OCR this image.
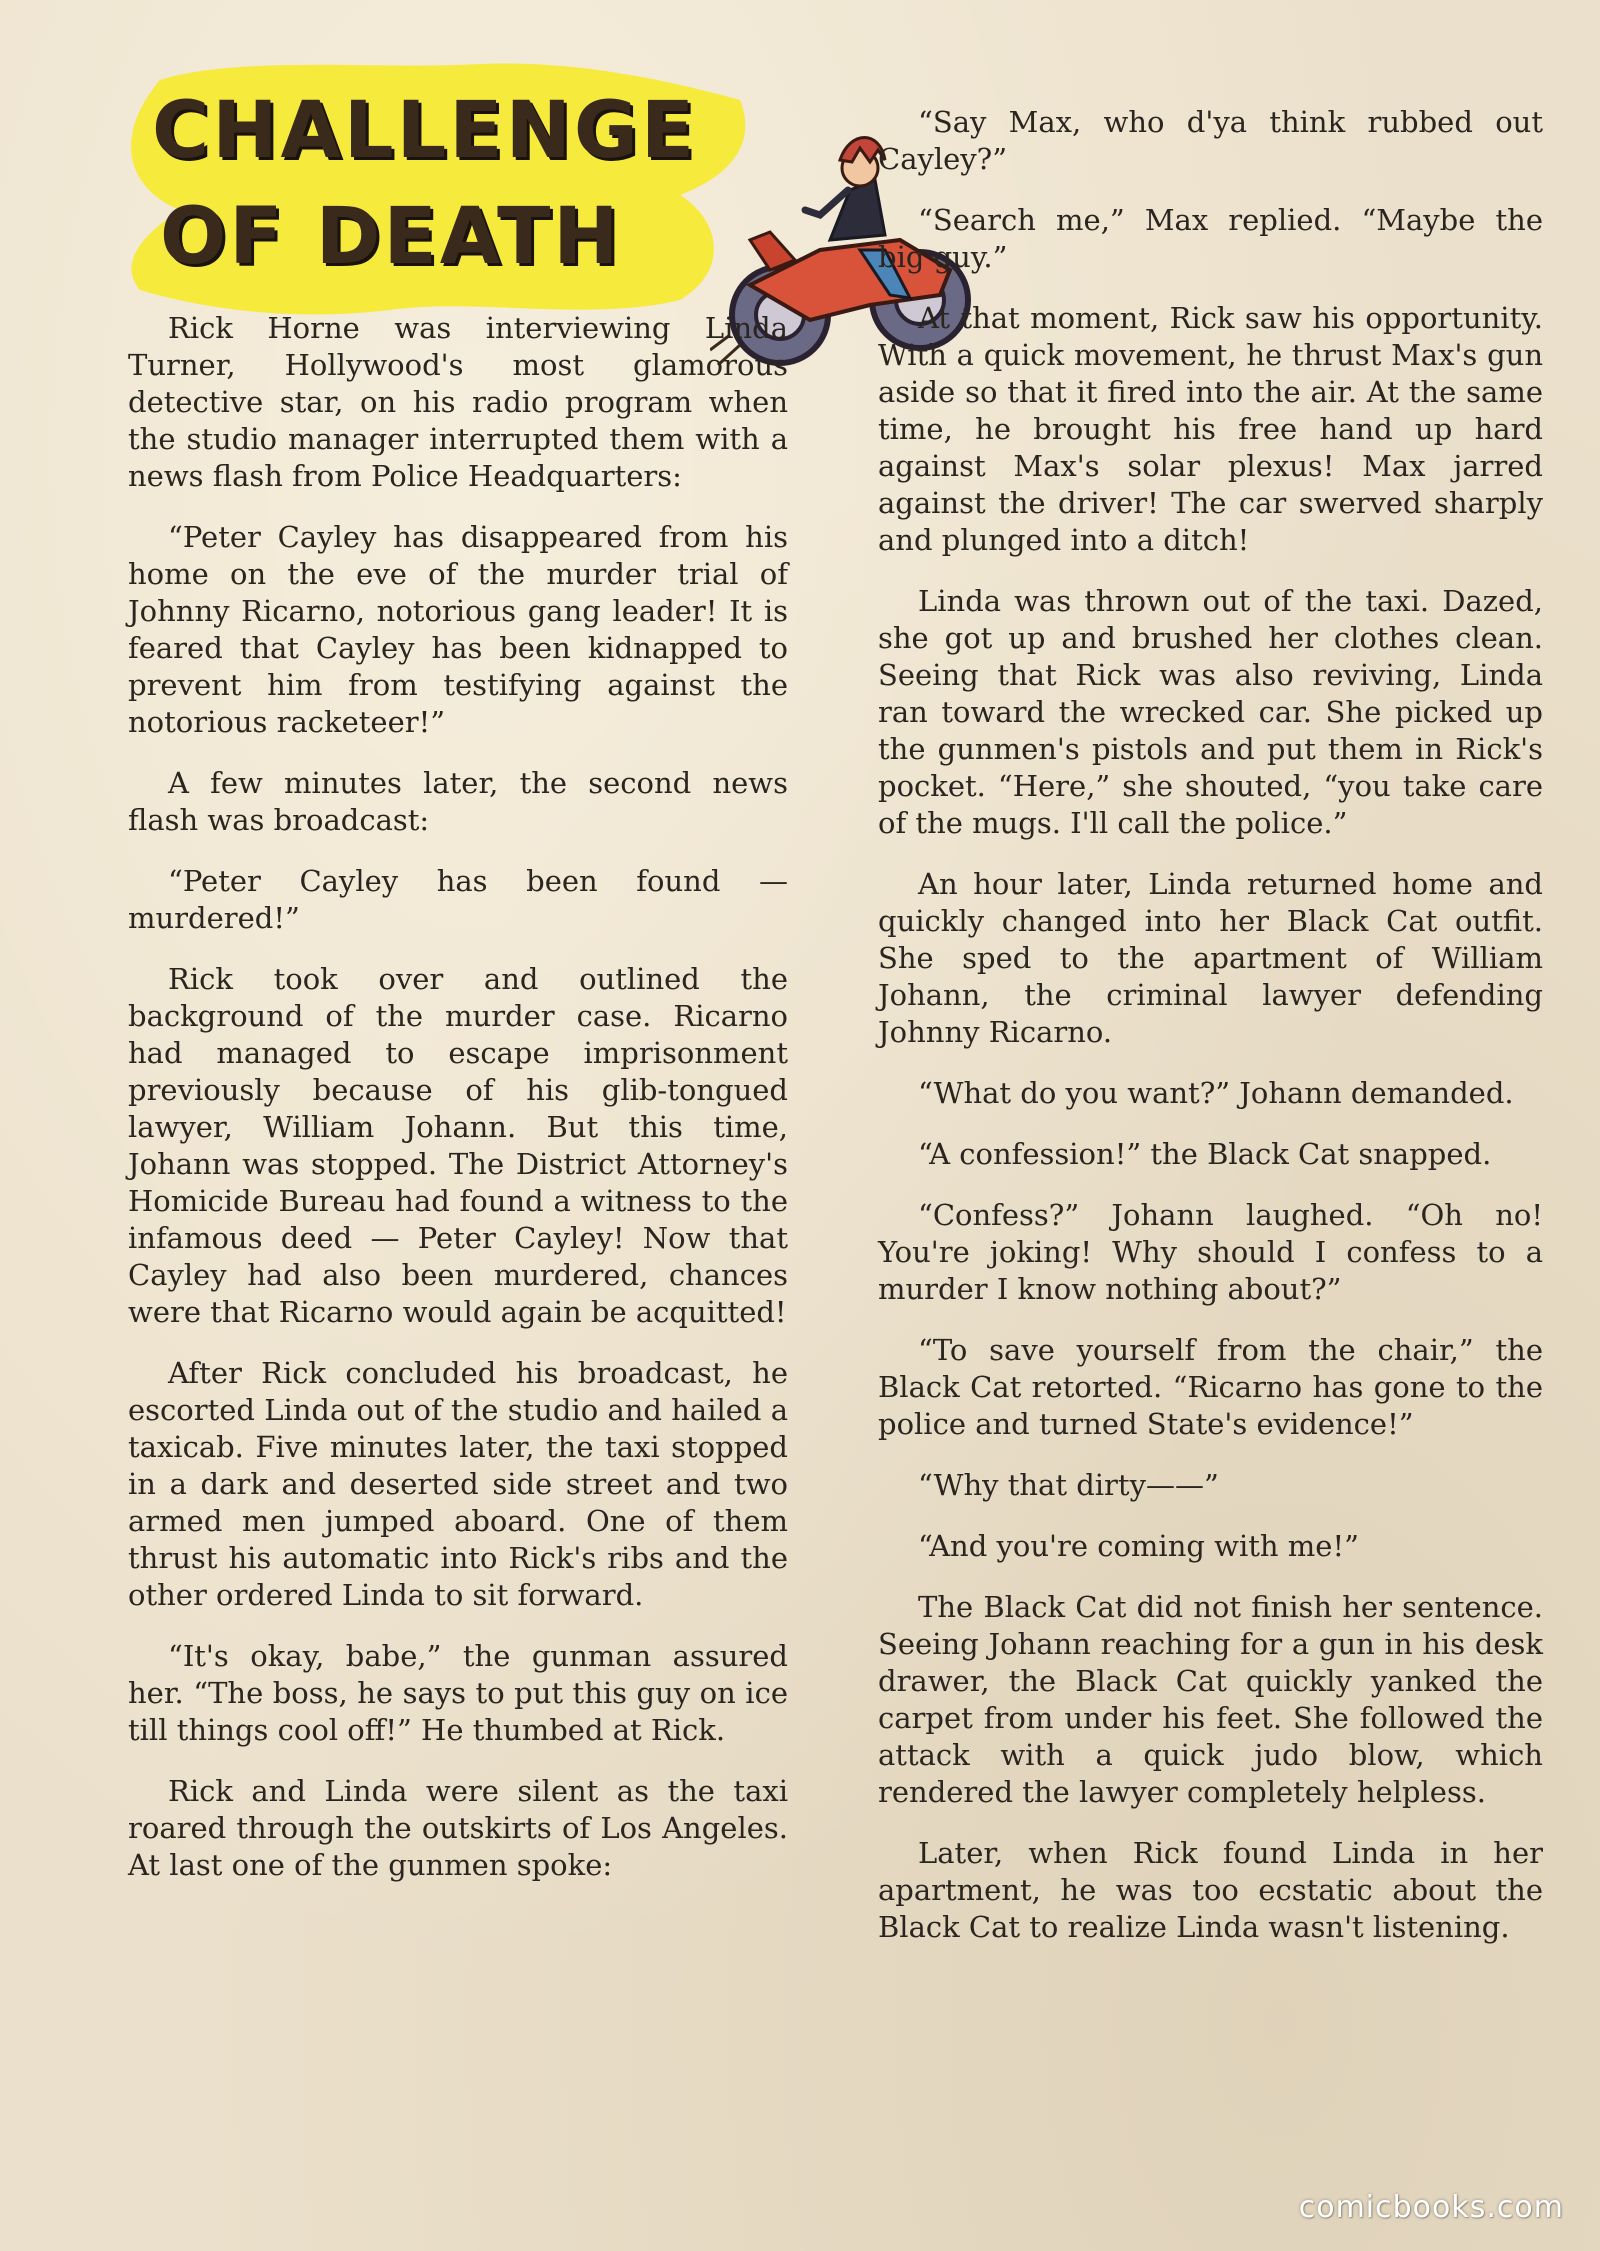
CHALLENGE
OF DEATH

Rick Horne was interviewing Linda Turner, Hollywood's most glamorous detective star, on his radio program when the studio manager interrupted them with a news flash from Police Headquarters:

“Peter Cayley has disappeared from his home on the eve of the murder trial of Johnny Ricarno, notorious gang leader! It is feared that Cayley has been kidnapped to prevent him from testifying against the notorious racketeer!”

A few minutes later, the second news flash was broadcast:

“Peter Cayley has been found — murdered!”

Rick took over and outlined the background of the murder case. Ricarno had managed to escape imprisonment previously because of his glib-tongued lawyer, William Johann. But this time, Johann was stopped. The District Attorney's Homicide Bureau had found a witness to the infamous deed — Peter Cayley! Now that Cayley had also been murdered, chances were that Ricarno would again be acquitted!

After Rick concluded his broadcast, he escorted Linda out of the studio and hailed a taxicab. Five minutes later, the taxi stopped in a dark and deserted side street and two armed men jumped aboard. One of them thrust his automatic into Rick's ribs and the other ordered Linda to sit forward.

“It's okay, babe,” the gunman assured her. “The boss, he says to put this guy on ice till things cool off!” He thumbed at Rick.

Rick and Linda were silent as the taxi roared through the outskirts of Los Angeles. At last one of the gunmen spoke:

“Say Max, who d'ya think rubbed out Cayley?”

“Search me,” Max replied. “Maybe the big guy.”

At that moment, Rick saw his opportunity. With a quick movement, he thrust Max's gun aside so that it fired into the air. At the same time, he brought his free hand up hard against Max's solar plexus! Max jarred against the driver! The car swerved sharply and plunged into a ditch!

Linda was thrown out of the taxi. Dazed, she got up and brushed her clothes clean. Seeing that Rick was also reviving, Linda ran toward the wrecked car. She picked up the gunmen's pistols and put them in Rick's pocket. “Here,” she shouted, “you take care of the mugs. I'll call the police.”

An hour later, Linda returned home and quickly changed into her Black Cat outfit. She sped to the apartment of William Johann, the criminal lawyer defending Johnny Ricarno.

“What do you want?” Johann demanded.

“A confession!” the Black Cat snapped.

“Confess?” Johann laughed. “Oh no! You're joking! Why should I confess to a murder I know nothing about?”

“To save yourself from the chair,” the Black Cat retorted. “Ricarno has gone to the police and turned State's evidence!”

“Why that dirty——”

“And you're coming with me!”

The Black Cat did not finish her sentence. Seeing Johann reaching for a gun in his desk drawer, the Black Cat quickly yanked the carpet from under his feet. She followed the attack with a quick judo blow, which rendered the lawyer completely helpless.

Later, when Rick found Linda in her apartment, he was too ecstatic about the Black Cat to realize Linda wasn't listening.

comicbooks.com
